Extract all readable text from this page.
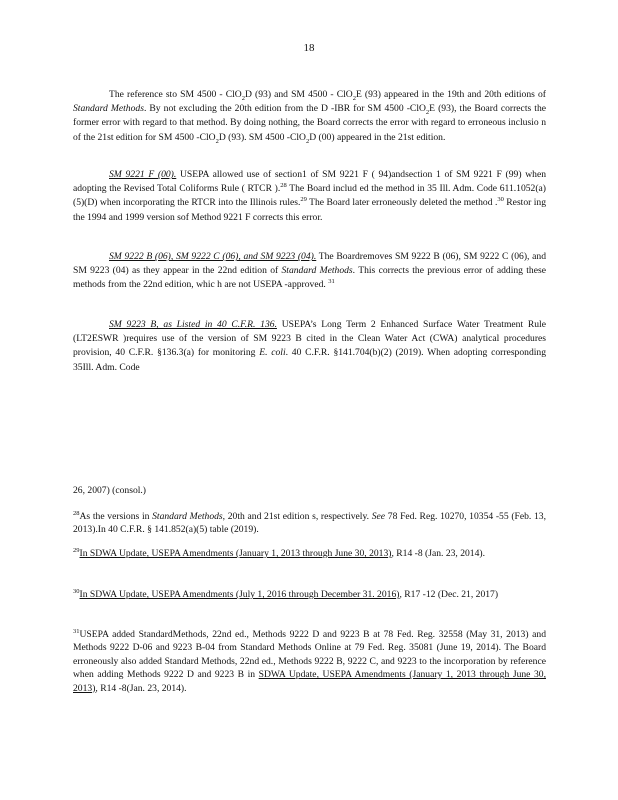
18
The reference sto SM 4500 - ClO$_2$D (93) and SM 4500 - ClO$_2$E (93) appeared in the 19th and 20th editions of Standard Methods. By not excluding the 20th edition from the D -IBR for SM 4500 -ClO$_2$E (93), the Board corrects the former error with regard to that method. By doing nothing, the Board corrects the error with regard to erroneous inclusio n of the 21st edition for SM 4500 -ClO$_2$D (93). SM 4500 -ClO$_2$D (00) appeared in the 21st edition.
SM 9221 F (00). USEPA allowed use of section1 of SM 9221 F ( 94)andsection 1 of SM 9221 F (99) when adopting the Revised Total Coliforms Rule ( RTCR ).$^{28}$ The Board includ ed the method in 35 Ill. Adm. Code 611.1052(a)(5)(D) when incorporating the RTCR into the Illinois rules.$^{29}$ The Board later erroneously deleted the method .$^{30}$ Restor ing the 1994 and 1999 version sof Method 9221 F corrects this error.
SM 9222 B (06), SM 9222 C (06), and SM 9223 (04). The Boardremoves SM 9222 B (06), SM 9222 C (06), and SM 9223 (04) as they appear in the 22nd edition of Standard Methods. This corrects the previous error of adding these methods from the 22nd edition, whic h are not USEPA -approved. $^{31}$
SM 9223 B, as Listed in 40 C.F.R. 136. USEPA’s Long Term 2 Enhanced Surface Water Treatment Rule (LT2ESWR )requires use of the version of SM 9223 B cited in the Clean Water Act (CWA) analytical procedures provision, 40 C.F.R. §136.3(a) for monitoring E. coli. 40 C.F.R. §141.704(b)(2) (2019). When adopting corresponding 35Ill. Adm. Code
26, 2007) (consol.)
$^{28}$As the versions in Standard Methods, 20th and 21st edition s, respectively. See 78 Fed. Reg. 10270, 10354 -55 (Feb. 13, 2013).In 40 C.F.R. § 141.852(a)(5) table (2019).
$^{29}$In SDWA Update, USEPA Amendments (January 1, 2013 through June 30, 2013), R14 -8 (Jan. 23, 2014).
$^{30}$In SDWA Update, USEPA Amendments (July 1, 2016 through December 31. 2016), R17 -12 (Dec. 21, 2017)
$^{31}$USEPA added StandardMethods, 22nd ed., Methods 9222 D and 9223 B at 78 Fed. Reg. 32558 (May 31, 2013) and Methods 9222 D-06 and 9223 B-04 from Standard Methods Online at 79 Fed. Reg. 35081 (June 19, 2014). The Board erroneously also added Standard Methods, 22nd ed., Methods 9222 B, 9222 C, and 9223 to the incorporation by reference when adding Methods 9222 D and 9223 B in SDWA Update, USEPA Amendments (January 1, 2013 through June 30, 2013), R14 -8(Jan. 23, 2014).
